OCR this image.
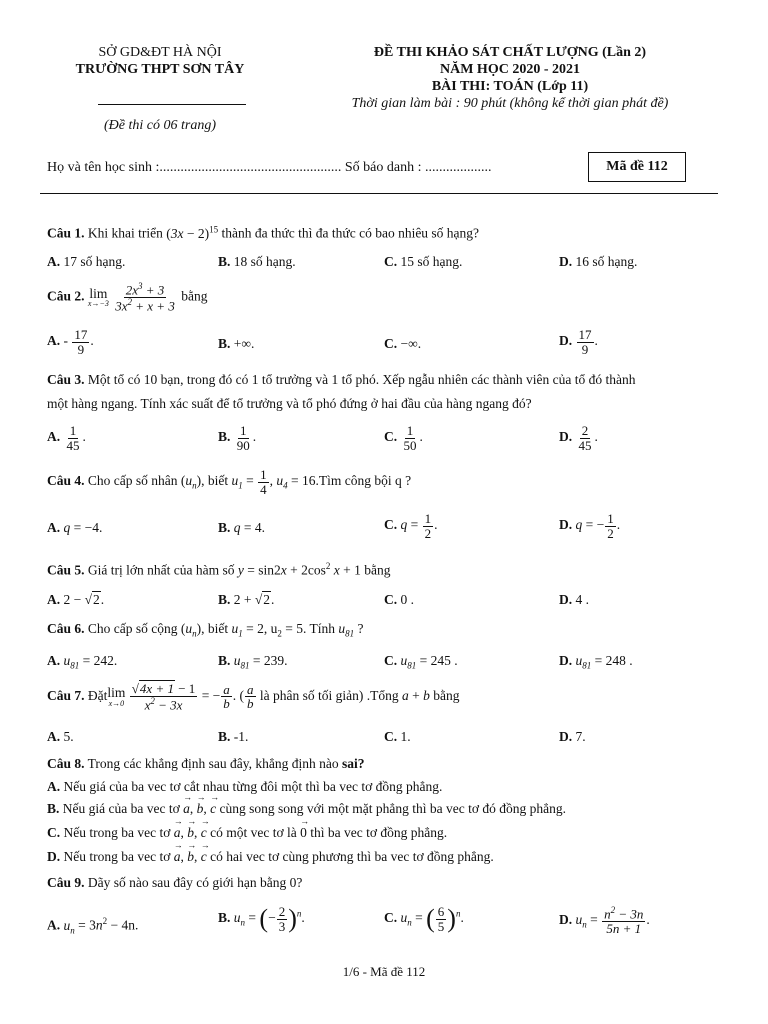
SỞ GD&ĐT HÀ NỘI
TRƯỜNG THPT SƠN TÂY
(Đề thi có 06 trang)
ĐỀ THI KHẢO SÁT CHẤT LƯỢNG (Lần 2)
NĂM HỌC 2020 - 2021
BÀI THI: TOÁN (Lớp 11)
Thời gian làm bài : 90 phút (không kể thời gian phát đề)
Họ và tên học sinh :.................................................... Số báo danh : ...................	Mã đề 112
Câu 1. Khi khai triển $(3x - 2)^{15}$ thành đa thức thì đa thức có bao nhiêu số hạng?
A. 17 số hạng.	B. 18 số hạng.	C. 15 số hạng.	D. 16 số hạng.
Câu 2. lim
x→−3
$\frac{2x^3 + 3}{3x^2 + x + 3}$ bằng
A. - $\frac{17}{9}$ .	B. +∞.	C. −∞.	D. $\frac{17}{9}$ .
Câu 3. Một tổ có 10 bạn, trong đó có 1 tổ trưởng và 1 tổ phó. Xếp ngẫu nhiên các thành viên của tổ đó thành
một hàng ngang. Tính xác suất để tổ trưởng và tổ phó đứng ở hai đầu của hàng ngang đó?
A. $\frac{1}{45}$ .	B. $\frac{1}{90}$ .	C. $\frac{1}{50}$ .	D. $\frac{2}{45}$ .
Câu 4. Cho cấp số nhân $(u_n)$, biết $u_1 = \frac{1}{4}$ , $u_4$ = 16.Tìm công bội q ?
A. q = −4.	B. q = 4.	C. $q = \frac{1}{2}$ .	D. q = − $\frac{1}{2}$ .
Câu 5. Giá trị lớn nhất của hàm số $y = \sin 2x + 2\cos^2$ x + 1 bằng
A. 2 − √2.	B. 2 + √2.	C. 0 .	D. 4 .
Câu 6. Cho cấp số cộng $(u_n)$, biết $u_1 = 2$, $u_2 = 5$. Tính $u_{81}$ ?
A. $u_{81} = 242$.	B. $u_{81} = 239$.	C. $u_{81} = 245$ .	D. $u_{81} = 248$ .
Câu 7. Đặt lim
x→0
$\frac{√4x + 1 - 1}{x^2 - 3x}$ = − $\frac{a}{b}$ . ( $\frac{a}{b}$ là phân số tối giản) .Tổng a + b bằng
A. 5.	B. -1.	C. 1.	D. 7.
Câu 8. Trong các khẳng định sau đây, khẳng định nào sai?
A. Nếu giá của ba vec tơ cắt nhau từng đôi một thì ba vec tơ đồng phẳng.
B. Nếu giá của ba vec tơ → a, → b, → c cùng song song với một mặt phẳng thì ba vec tơ đó đồng phẳng.
C. Nếu trong ba vec tơ → a, → b, → c có một vec tơ là → 0 thì ba vec tơ đồng phẳng.
D. Nếu trong ba vec tơ → a, → b, → c có hai vec tơ cùng phương thì ba vec tơ đồng phẳng.
Câu 9. Dãy số nào sau đây có giới hạn bằng 0?
A. $u_n = 3n^2 - 4n$.	B. $u_n$ = (− $\frac{2}{3} )^n$.	C. $u_n$ = ( $\frac{6}{5} )^n$.	D. $u_n = \frac{n^2 - 3n}{5n + 1}$ .
1/6 - Mã đề 112
